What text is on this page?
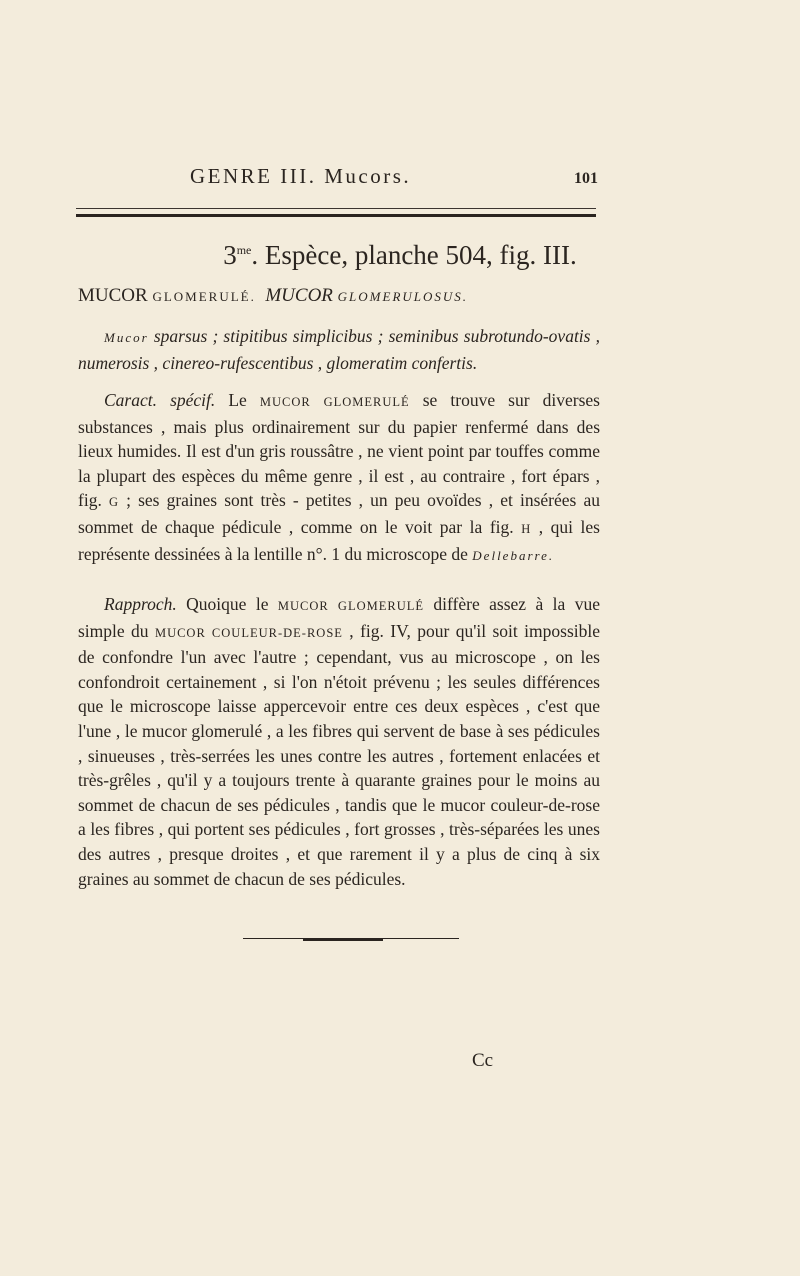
GENRE III. Mucors.	101
$3^{me}$. Espèce, planche 504, fig. III.
MUCOR GLOMERULÉ. MUCOR GLOMERULOSUS.
Mucor sparsus ; stipitibus simplicibus ; seminibus subrotundo-ovatis , numerosis , cinereo-rufescentibus , glomeratim confertis.
Caract. spécif. Le MUCOR GLOMERULÉ se trouve sur diverses substances , mais plus ordinairement sur du papier renfermé dans des lieux humides. Il est d'un gris roussâtre , ne vient point par touffes comme la plupart des espèces du même genre , il est , au contraire , fort épars , fig. G ; ses graines sont très - petites , un peu ovoïdes , et insérées au sommet de chaque pédicule , comme on le voit par la fig. H , qui les représente dessinées à la lentille n°. 1 du microscope de Dellebarre.
Rapproch. Quoique le MUCOR GLOMERULÉ diffère assez à la vue simple du MUCOR COULEUR-DE-ROSE , fig. IV, pour qu'il soit impossible de confondre l'un avec l'autre ; cependant, vus au microscope , on les confondroit certainement , si l'on n'étoit prévenu ; les seules différences que le microscope laisse appercevoir entre ces deux espèces , c'est que l'une , le mucor glomerulé , a les fibres qui servent de base à ses pédicules , sinueuses , très-serrées les unes contre les autres , fortement enlacées et très-grêles , qu'il y a toujours trente à quarante graines pour le moins au sommet de chacun de ses pédicules , tandis que le mucor couleur-de-rose a les fibres , qui portent ses pédicules , fort grosses , très-séparées les unes des autres , presque droites , et que rarement il y a plus de cinq à six graines au sommet de chacun de ses pédicules.
Cc
